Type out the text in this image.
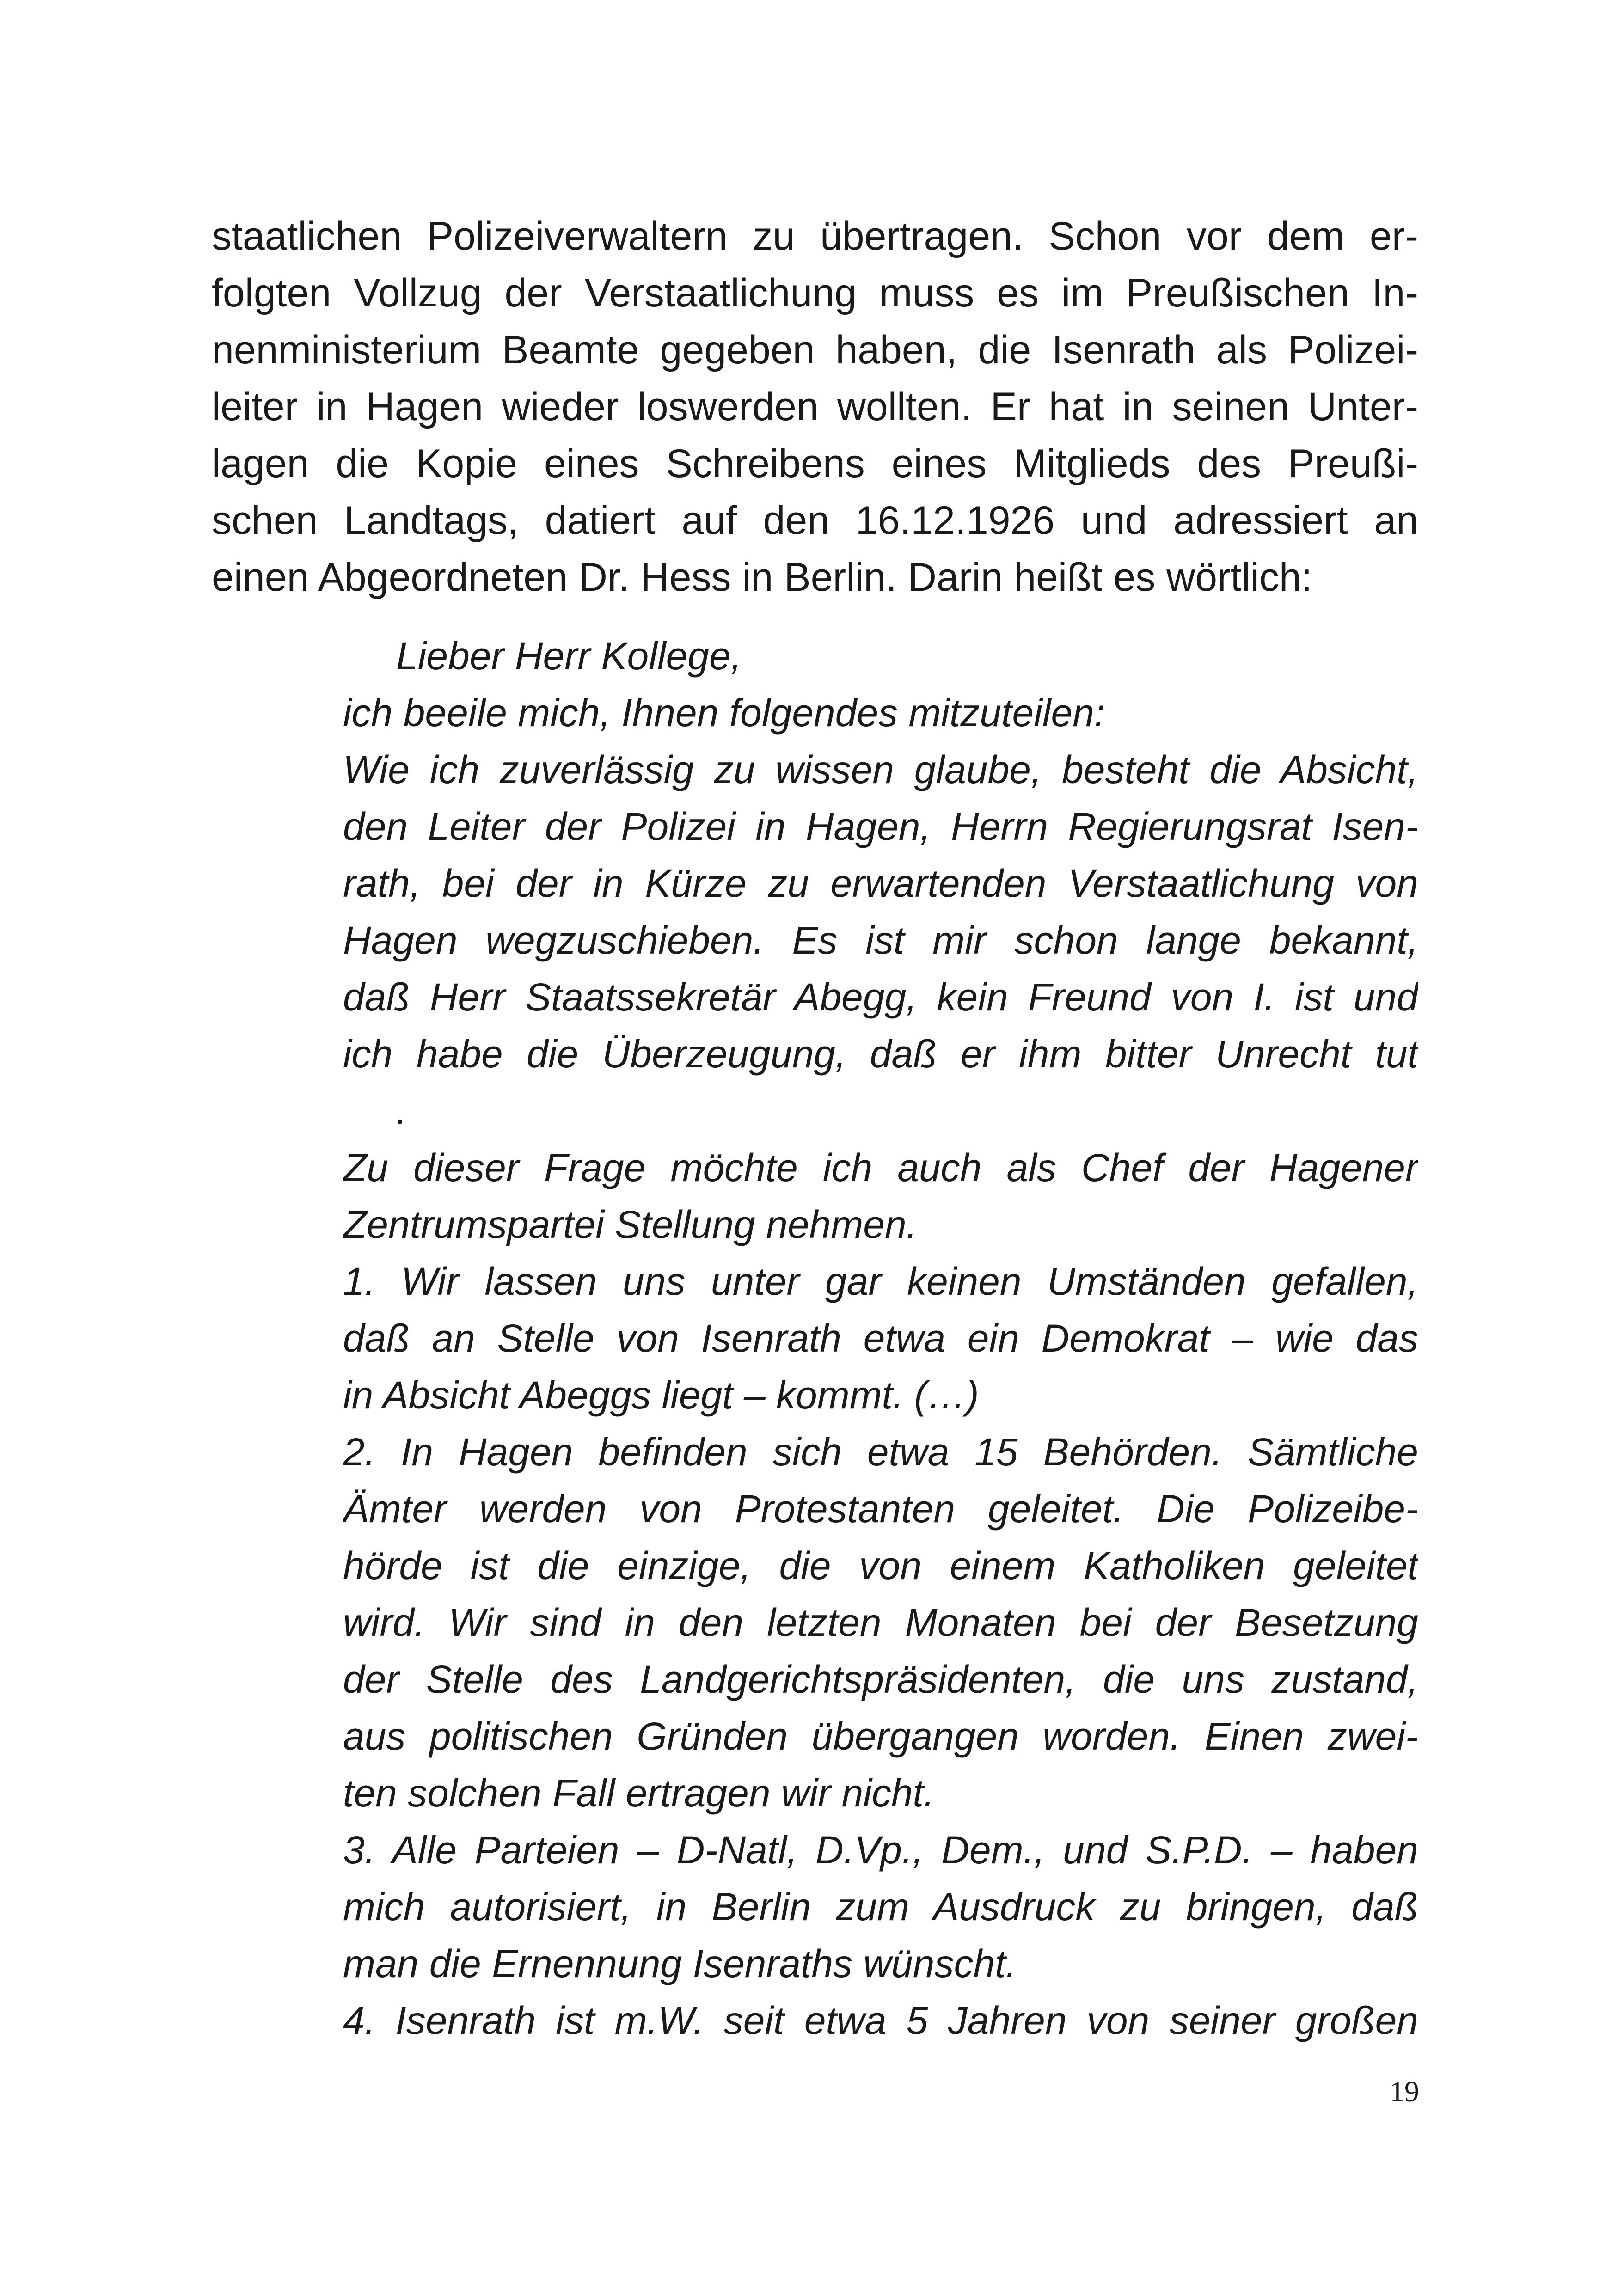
staatlichen Polizeiverwaltern zu übertragen. Schon vor dem er-
folgten Vollzug der Verstaatlichung muss es im Preußischen In-
nenministerium Beamte gegeben haben, die Isenrath als Polizei-
leiter in Hagen wieder loswerden wollten. Er hat in seinen Unter-
lagen die Kopie eines Schreibens eines Mitglieds des Preußi-
schen Landtags, datiert auf den 16.12.1926 und adressiert an
einen Abgeordneten Dr. Hess in Berlin. Darin heißt es wörtlich:
Lieber Herr Kollege,
ich beeile mich, Ihnen folgendes mitzuteilen:
Wie ich zuverlässig zu wissen glaube, besteht die Absicht,
den Leiter der Polizei in Hagen, Herrn Regierungsrat Isen-
rath, bei der in Kürze zu erwartenden Verstaatlichung von
Hagen wegzuschieben. Es ist mir schon lange bekannt,
daß Herr Staatssekretär Abegg, kein Freund von I. ist und
ich habe die Überzeugung, daß er ihm bitter Unrecht tut
.
Zu dieser Frage möchte ich auch als Chef der Hagener
Zentrumspartei Stellung nehmen.
1. Wir lassen uns unter gar keinen Umständen gefallen,
daß an Stelle von Isenrath etwa ein Demokrat – wie das
in Absicht Abeggs liegt – kommt. (…)
2. In Hagen befinden sich etwa 15 Behörden. Sämtliche
Ämter werden von Protestanten geleitet. Die Polizeibe-
hörde ist die einzige, die von einem Katholiken geleitet
wird. Wir sind in den letzten Monaten bei der Besetzung
der Stelle des Landgerichtspräsidenten, die uns zustand,
aus politischen Gründen übergangen worden. Einen zwei-
ten solchen Fall ertragen wir nicht.
3. Alle Parteien – D-Natl, D.Vp., Dem., und S.P.D. – haben
mich autorisiert, in Berlin zum Ausdruck zu bringen, daß
man die Ernennung Isenraths wünscht.
4. Isenrath ist m.W. seit etwa 5 Jahren von seiner großen
19
